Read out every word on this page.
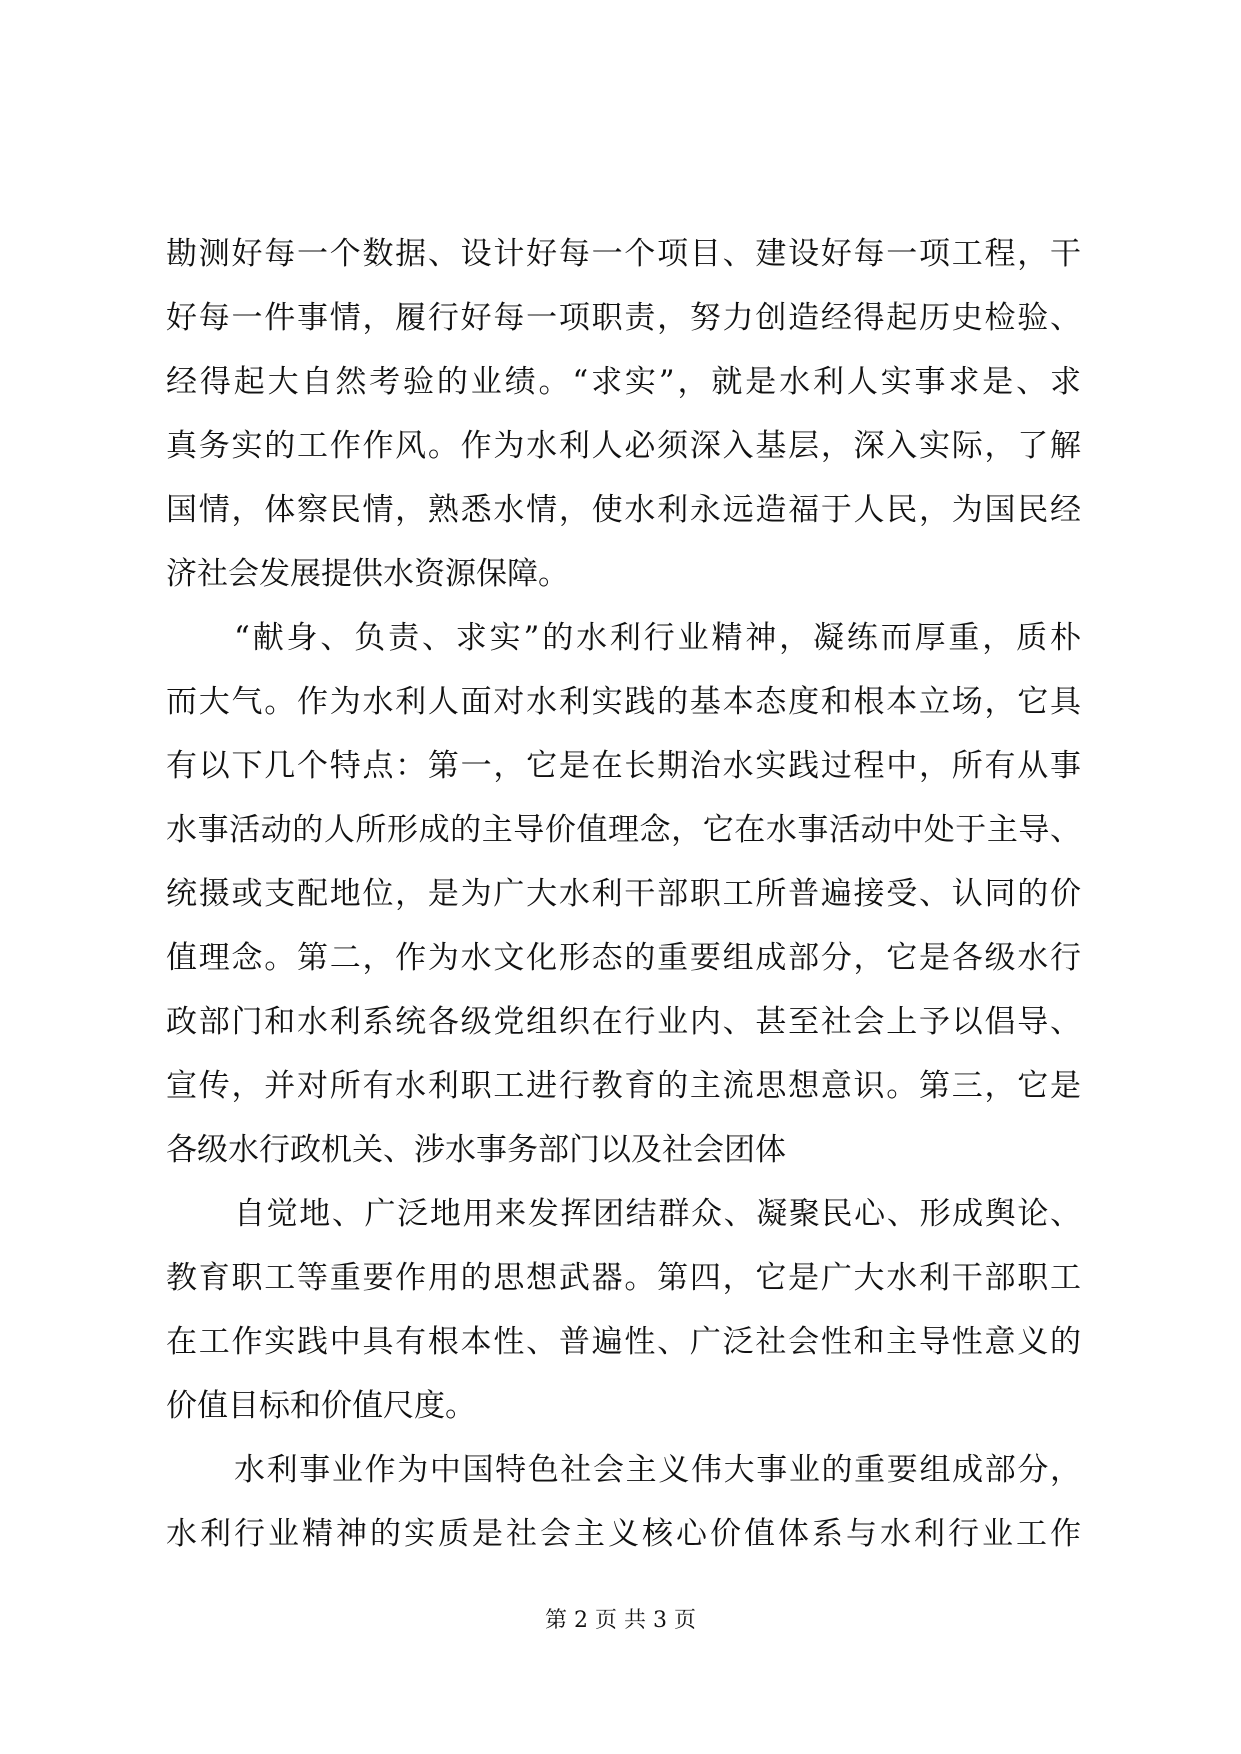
勘测好每一个数据、设计好每一个项目、建设好每一项工程，干
好每一件事情，履行好每一项职责，努力创造经得起历史检验、
经得起大自然考验的业绩。“求实”，就是水利人实事求是、求
真务实的工作作风。作为水利人必须深入基层，深入实际，了解
国情，体察民情，熟悉水情，使水利永远造福于人民，为国民经
济社会发展提供水资源保障。
“献身、负责、求实”的水利行业精神，凝练而厚重，质朴
而大气。作为水利人面对水利实践的基本态度和根本立场，它具
有以下几个特点：第一，它是在长期治水实践过程中，所有从事
水事活动的人所形成的主导价值理念，它在水事活动中处于主导、
统摄或支配地位，是为广大水利干部职工所普遍接受、认同的价
值理念。第二，作为水文化形态的重要组成部分，它是各级水行
政部门和水利系统各级党组织在行业内、甚至社会上予以倡导、
宣传，并对所有水利职工进行教育的主流思想意识。第三，它是
各级水行政机关、涉水事务部门以及社会团体
自觉地、广泛地用来发挥团结群众、凝聚民心、形成舆论、
教育职工等重要作用的思想武器。第四，它是广大水利干部职工
在工作实践中具有根本性、普遍性、广泛社会性和主导性意义的
价值目标和价值尺度。
水利事业作为中国特色社会主义伟大事业的重要组成部分，
水利行业精神的实质是社会主义核心价值体系与水利行业工作
第 2 页 共 3 页
